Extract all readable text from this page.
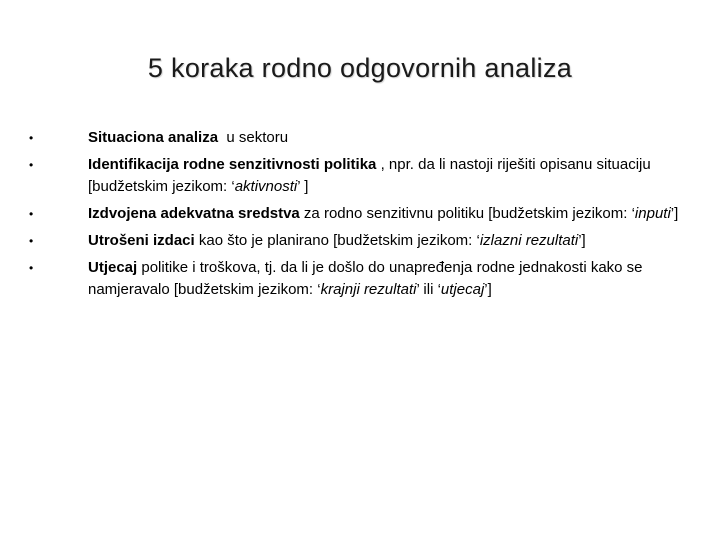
5 koraka rodno odgovornih analiza
•	Situaciona analiza  u sektoru
•	Identifikacija rodne senzitivnosti politika , npr. da li nastoji riješiti opisanu situaciju [budžetskim jezikom: ‘aktivnosti’ ]
•	Izdvojena adekvatna sredstva za rodno senzitivnu politiku [budžetskim jezikom: ‘inputi’]
•	Utrošeni izdaci kao što je planirano [budžetskim jezikom: ‘izlazni rezultati’]
•	Utjecaj politike i troškova, tj. da li je došlo do unapređenja rodne jednakosti kako se namjeravalo [budžetskim jezikom: ‘krajnji rezultati’ ili ‘utjecaj’]
